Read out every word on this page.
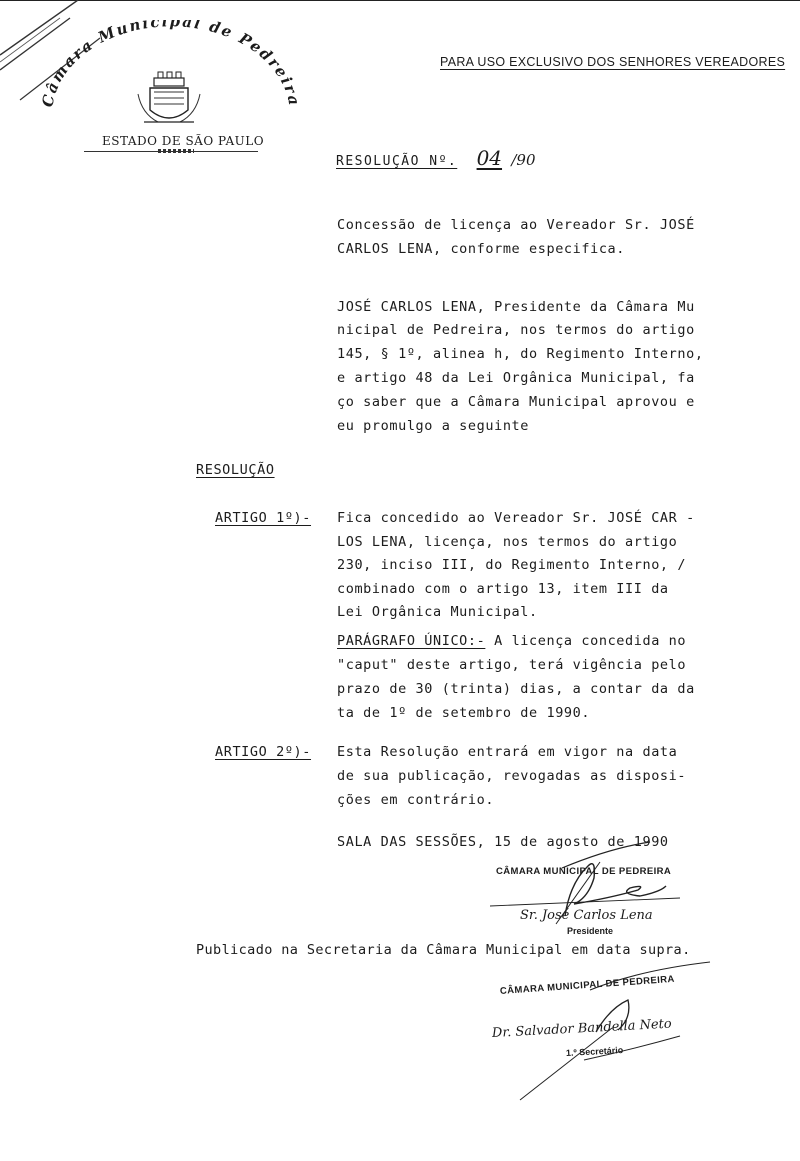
Câmara Municipal de Pedreir
ESTADO DE SÃO PAULO
PARA USO EXCLUSIVO DOS SENHORES VEREADORES
RESOLUÇÃO Nº. 04 /90
Concessão de licença ao Vereador Sr. JOSÉ
CARLOS LENA, conforme especifica.
JOSÉ CARLOS LENA, Presidente da Câmara Mu
nicipal de Pedreira, nos termos do artigo
145, § 1º, alinea h, do Regimento Interno,
e artigo 48 da Lei Orgânica Municipal, fa
ço saber que a Câmara Municipal aprovou e
eu promulgo a seguinte
RESOLUÇÃO
ARTIGO 1º)- Fica concedido ao Vereador Sr. JOSÉ CAR -
LOS LENA, licença, nos termos do artigo
230, inciso III, do Regimento Interno, /
combinado com o artigo 13, item III da
Lei Orgânica Municipal.
PARÁGRAFO ÚNICO:- A licença concedida no
"caput" deste artigo, terá vigência pelo
prazo de 30 (trinta) dias, a contar da da
ta de 1º de setembro de 1990.
ARTIGO 2º)- Esta Resolução entrará em vigor na data
de sua publicação, revogadas as disposi-
ções em contrário.
SALA DAS SESSÕES, 15 de agosto de 1990
CÂMARA MUNICIPAL DE PEDREIRA
Sr. José Carlos Lena
Presidente
Publicado na Secretaria da Câmara Municipal em data supra.
CÂMARA MUNICIPAL DE PEDREIRA
Dr. Salvador Bandella Neto
1.º Secretário
